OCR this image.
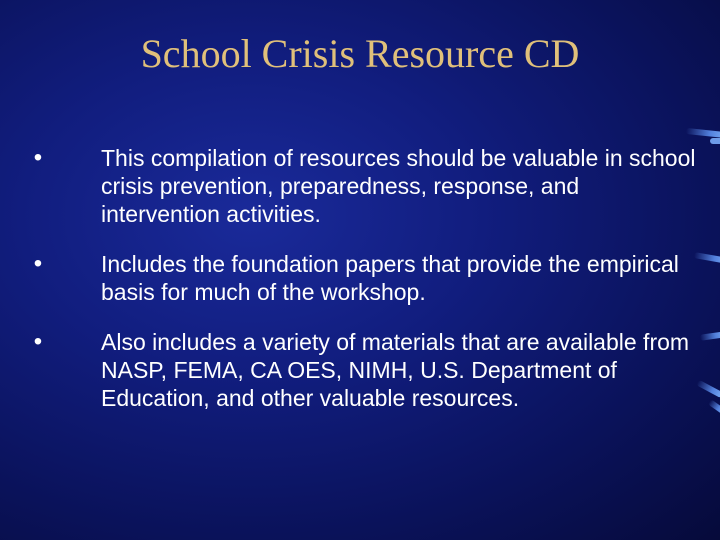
School Crisis Resource CD
•	This compilation of resources should be valuable in school crisis prevention, preparedness, response, and intervention activities.
•	Includes the foundation papers that provide the empirical basis for much of the workshop.
•	Also includes a variety of materials that are available from NASP, FEMA, CA OES, NIMH, U.S. Department of Education, and other valuable resources.
